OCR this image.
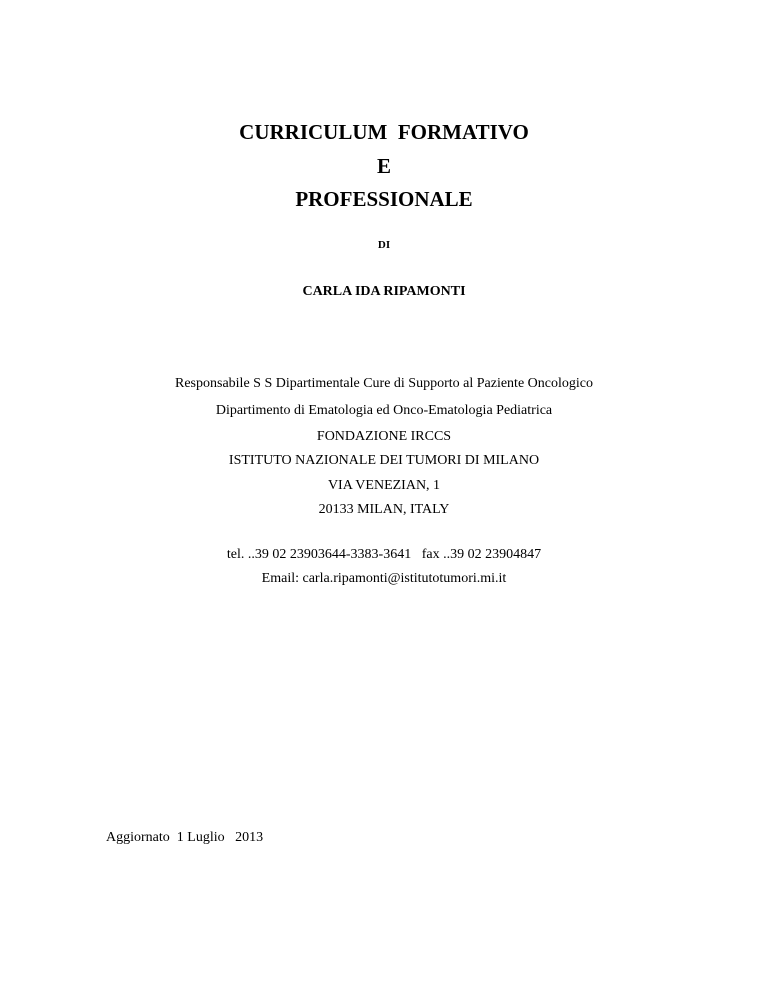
CURRICULUM  FORMATIVO
E
PROFESSIONALE
DI
CARLA IDA RIPAMONTI
Responsabile S S Dipartimentale Cure di Supporto al Paziente Oncologico
Dipartimento di Ematologia ed Onco-Ematologia Pediatrica
FONDAZIONE IRCCS
ISTITUTO NAZIONALE DEI TUMORI DI MILANO
VIA VENEZIAN, 1
20133 MILAN, ITALY
tel. ..39 02 23903644-3383-3641   fax ..39 02 23904847
Email: carla.ripamonti@istitutotumori.mi.it
Aggiornato  1 Luglio   2013
